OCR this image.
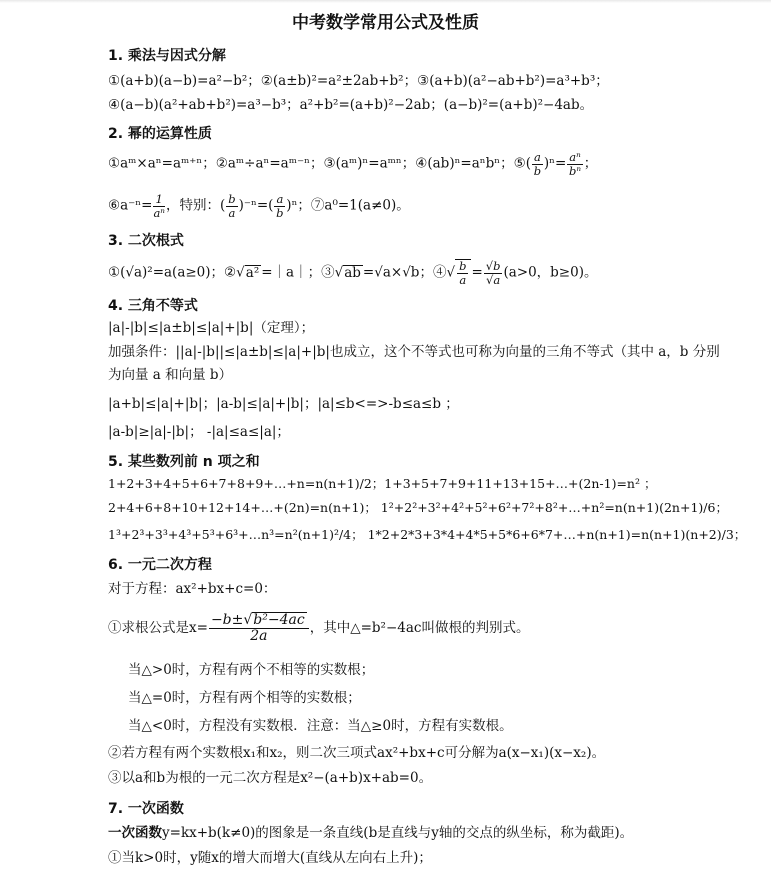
中考数学常用公式及性质
1. 乘法与因式分解
①(a+b)(a−b)=a²−b²；②(a±b)²=a²±2ab+b²；③(a+b)(a²−ab+b²)=a³+b³；
④(a−b)(a²+ab+b²)=a³−b³；a²+b²=(a+b)²−2ab；(a−b)²=(a+b)²−4ab。
2. 幂的运算性质
①aᵐ×aⁿ=aᵐ⁺ⁿ；②aᵐ÷aⁿ=aᵐ⁻ⁿ；③(aᵐ)ⁿ=aᵐⁿ；④(ab)ⁿ=aⁿbⁿ；⑤( $\frac{a}{b} )^n= \frac{\text{aⁿ}}{\text{bⁿ}}$ ；
⑥a⁻ⁿ= $\frac{1}{\text{aⁿ}}$ ，特别：( $\frac{b}{a} )^{-n}=( \frac{a}{b} )^n$；⑦a⁰=1(a≠0)。
3. 二次根式
①(√a)²=a(a≥0)；②√a² =｜a｜；③√ab =√a×√b；④√ $\frac{b}{a} = \frac{√b}{√a} (a>0$，b≥0)。
4. 三角不等式
|a|-|b|≤|a±b|≤|a|+|b|（定理）；
加强条件：||a|-|b||≤|a±b|≤|a|+|b|也成立，这个不等式也可称为向量的三角不等式（其中 a，b 分别
为向量 a 和向量 b）
|a+b|≤|a|+|b|；|a-b|≤|a|+|b|；|a|≤b<=>-b≤a≤b ；
|a-b|≥|a|-|b|； -|a|≤a≤|a|；
5. 某些数列前 n 项之和
1+2+3+4+5+6+7+8+9+…+n=n(n+1)/2；1+3+5+7+9+11+13+15+…+(2n-1)=n² ；
2+4+6+8+10+12+14+…+(2n)=n(n+1)； 1²+2²+3²+4²+5²+6²+7²+8²+…+n²=n(n+1)(2n+1)/6；
1³+2³+3³+4³+5³+6³+…n³=n²(n+1)²/4； 1*2+2*3+3*4+4*5+5*6+6*7+…+n(n+1)=n(n+1)(n+2)/3；
6. 一元二次方程
对于方程：ax²+bx+c=0：
①求根公式是$x= \frac{\text{−b±√b²−4ac}}{2a}$ ，其中△=b²−4ac叫做根的判别式。
当△>0时，方程有两个不相等的实数根；
当△=0时，方程有两个相等的实数根；
当△<0时，方程没有实数根．注意：当△≥0时，方程有实数根。
②若方程有两个实数根x₁和x₂，则二次三项式ax²+bx+c可分解为a(x−x₁)(x−x₂)。
③以a和b为根的一元二次方程是x²−(a+b)x+ab=0。
7. 一次函数
一次函数y=kx+b(k≠0)的图象是一条直线(b是直线与y轴的交点的纵坐标，称为截距)。
①当k>0时，y随x的增大而增大(直线从左向右上升)；
